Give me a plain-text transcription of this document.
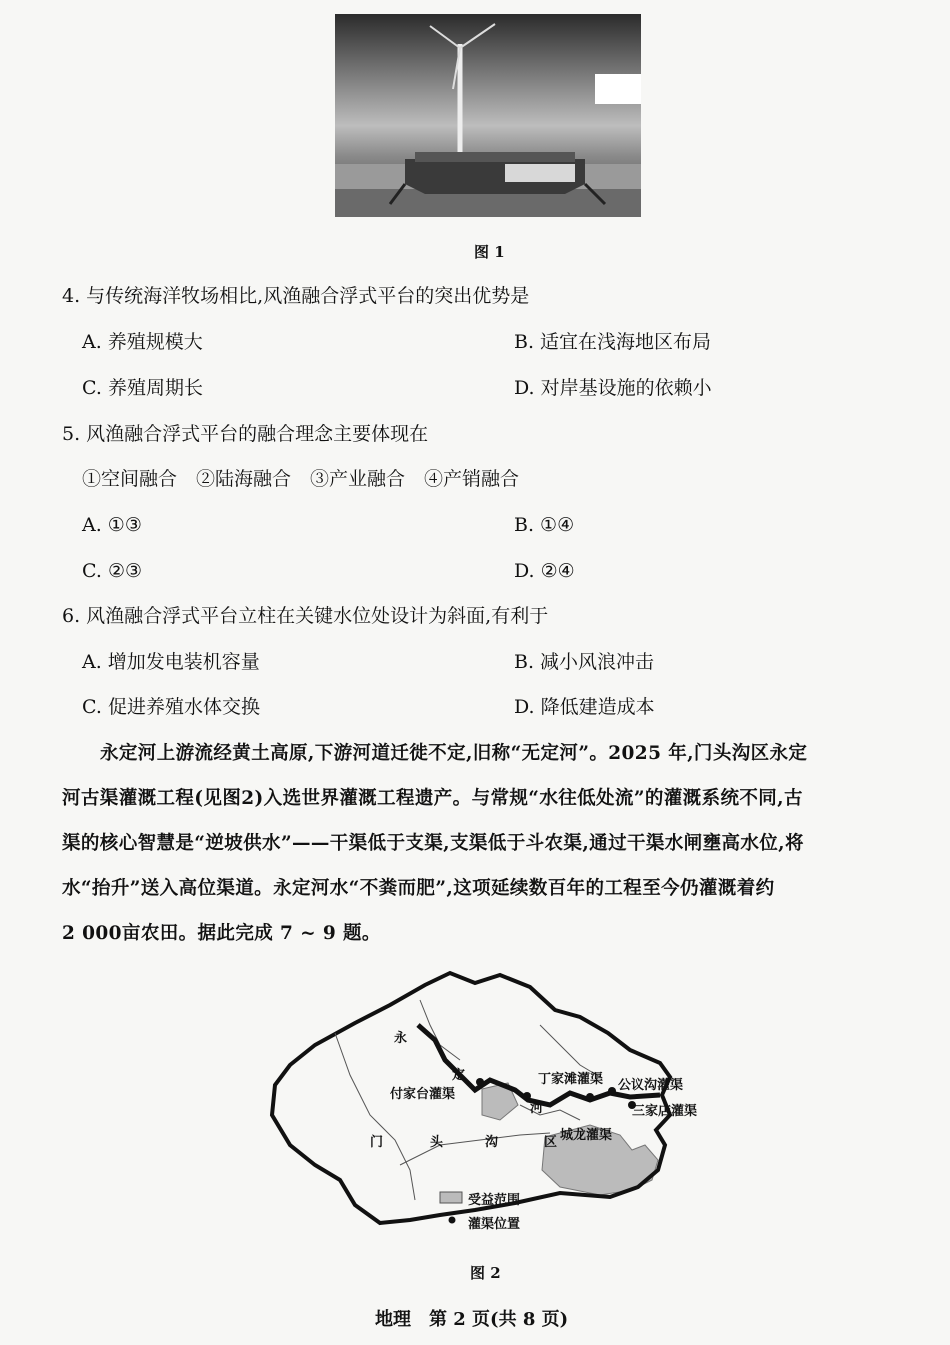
图 1
4. 与传统海洋牧场相比,风渔融合浮式平台的突出优势是
A. 养殖规模大	B. 适宜在浅海地区布局
C. 养殖周期长	D. 对岸基设施的依赖小
5. 风渔融合浮式平台的融合理念主要体现在
①空间融合　②陆海融合　③产业融合　④产销融合
A. ①③	B. ①④
C. ②③	D. ②④
6. 风渔融合浮式平台立柱在关键水位处设计为斜面,有利于
A. 增加发电装机容量	B. 减小风浪冲击
C. 促进养殖水体交换	D. 降低建造成本
永定河上游流经黄土高原,下游河道迁徙不定,旧称“无定河”。2025 年,门头沟区永定
河古渠灌溉工程(见图2)入选世界灌溉工程遗产。与常规“水往低处流”的灌溉系统不同,古
渠的核心智慧是“逆坡供水”——干渠低于支渠,支渠低于斗农渠,通过干渠水闸壅高水位,将
水“抬升”送入高位渠道。永定河水“不粪而肥”,这项延续数百年的工程至今仍灌溉着约
2 000亩农田。据此完成 7 ~ 9 题。
永
定
河
门	头	沟	区
付家台灌渠
丁家滩灌渠 公议沟灌渠
三家店灌渠
城龙灌渠
受益范围
灌渠位置
图 2
地理　第 2 页(共 8 页)
